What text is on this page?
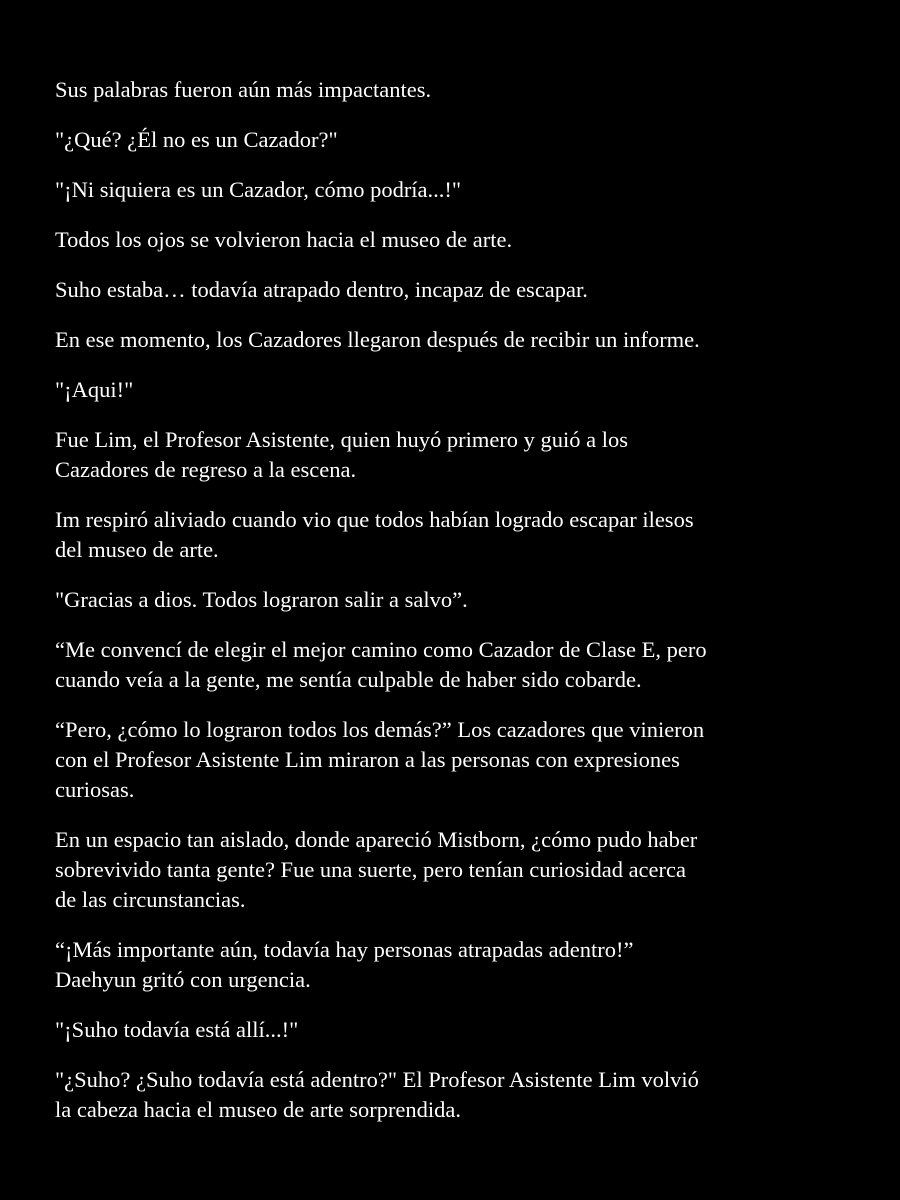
Sus palabras fueron aún más impactantes.

"¿Qué? ¿Él no es un Cazador?"

"¡Ni siquiera es un Cazador, cómo podría...!"

Todos los ojos se volvieron hacia el museo de arte.

Suho estaba… todavía atrapado dentro, incapaz de escapar.

En ese momento, los Cazadores llegaron después de recibir un informe.

"¡Aqui!"

Fue Lim, el Profesor Asistente, quien huyó primero y guió a los
Cazadores de regreso a la escena.

Im respiró aliviado cuando vio que todos habían logrado escapar ilesos
del museo de arte.

"Gracias a dios. Todos lograron salir a salvo”.

“Me convencí de elegir el mejor camino como Cazador de Clase E, pero
cuando veía a la gente, me sentía culpable de haber sido cobarde.

“Pero, ¿cómo lo lograron todos los demás?” Los cazadores que vinieron
con el Profesor Asistente Lim miraron a las personas con expresiones
curiosas.

En un espacio tan aislado, donde apareció Mistborn, ¿cómo pudo haber
sobrevivido tanta gente? Fue una suerte, pero tenían curiosidad acerca
de las circunstancias.

“¡Más importante aún, todavía hay personas atrapadas adentro!”
Daehyun gritó con urgencia.

"¡Suho todavía está allí...!"

"¿Suho? ¿Suho todavía está adentro?" El Profesor Asistente Lim volvió
la cabeza hacia el museo de arte sorprendida.
